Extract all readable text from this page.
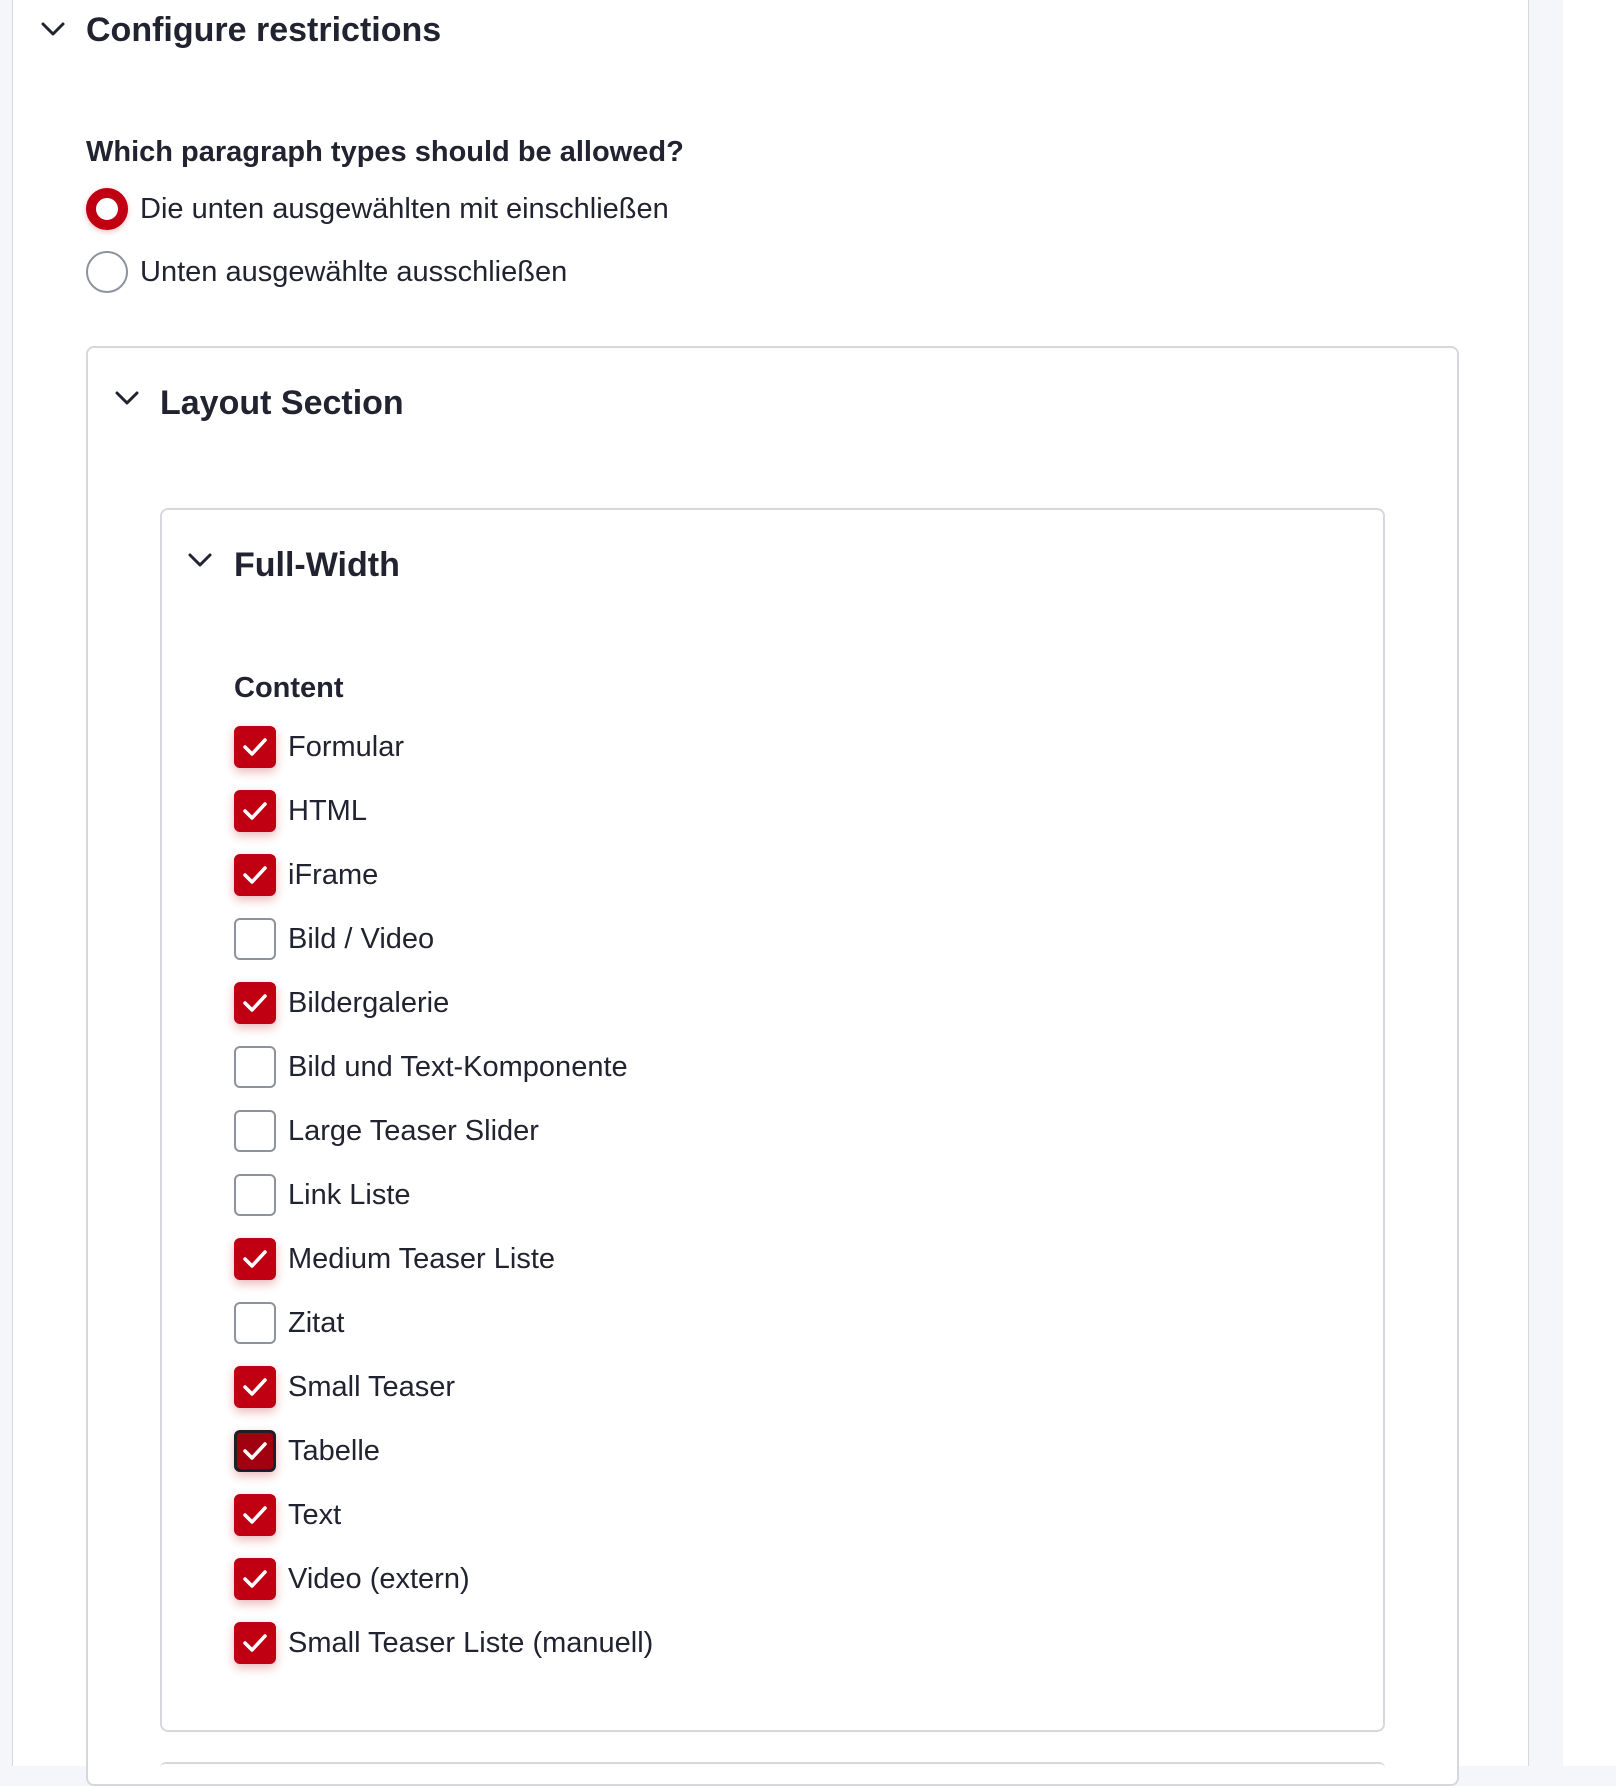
Configure restrictions
Which paragraph types should be allowed?
Die unten ausgewählten mit einschließen
Unten ausgewählte ausschließen
Layout Section
Full-Width
Content
Formular
HTML
iFrame
Bild / Video
Bildergalerie
Bild und Text-Komponente
Large Teaser Slider
Link Liste
Medium Teaser Liste
Zitat
Small Teaser
Tabelle
Text
Video (extern)
Small Teaser Liste (manuell)
